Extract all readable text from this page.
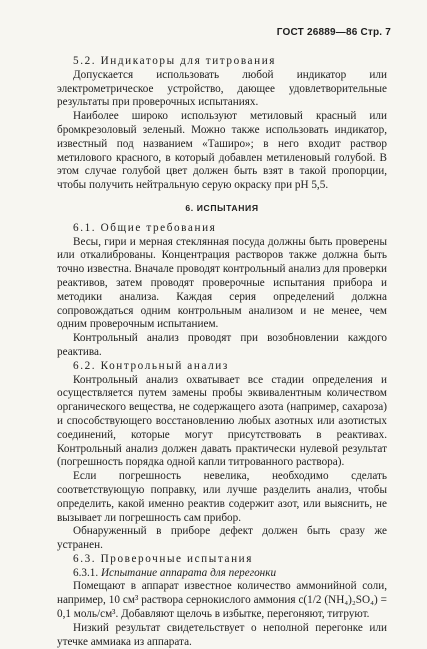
ГОСТ 26889—86 Стр. 7

5.2. Индикаторы для титрования

Допускается использовать любой индикатор или электрометрическое устройство, дающее удовлетворительные результаты при проверочных испытаниях.

Наиболее широко используют метиловый красный или бромкрезоловый зеленый. Можно также использовать индикатор, известный под названием «Таширо»; в него входит раствор метилового красного, в который добавлен метиленовый голубой. В этом случае голубой цвет должен быть взят в такой пропорции, чтобы получить нейтральную серую окраску при pH 5,5.

6. ИСПЫТАНИЯ

6.1. Общие требования

Весы, гири и мерная стеклянная посуда должны быть проверены или откалиброваны. Концентрация растворов также должна быть точно известна. Вначале проводят контрольный анализ для проверки реактивов, затем проводят проверочные испытания прибора и методики анализа. Каждая серия определений должна сопровождаться одним контрольным анализом и не менее, чем одним проверочным испытанием.

Контрольный анализ проводят при возобновлении каждого реактива.

6.2. Контрольный анализ

Контрольный анализ охватывает все стадии определения и осуществляется путем замены пробы эквивалентным количеством органического вещества, не содержащего азота (например, сахароза) и способствующего восстановлению любых азотных или азотистых соединений, которые могут присутствовать в реактивах. Контрольный анализ должен давать практически нулевой результат (погрешность порядка одной капли титрованного раствора).

Если погрешность невелика, необходимо сделать соответствующую поправку, или лучше разделить анализ, чтобы определить, какой именно реактив содержит азот, или выяснить, не вызывает ли погрешность сам прибор.

Обнаруженный в приборе дефект должен быть сразу же устранен.

6.3. Проверочные испытания

6.3.1. Испытание аппарата для перегонки

Помещают в аппарат известное количество аммонийной соли, например, 10 см³ раствора сернокислого аммония c(1/2 (NH₄)₂SO₄) = 0,1 моль/см³. Добавляют щелочь в избытке, перегоняют, титруют.

Низкий результат свидетельствует о неполной перегонке или утечке аммиака из аппарата.
